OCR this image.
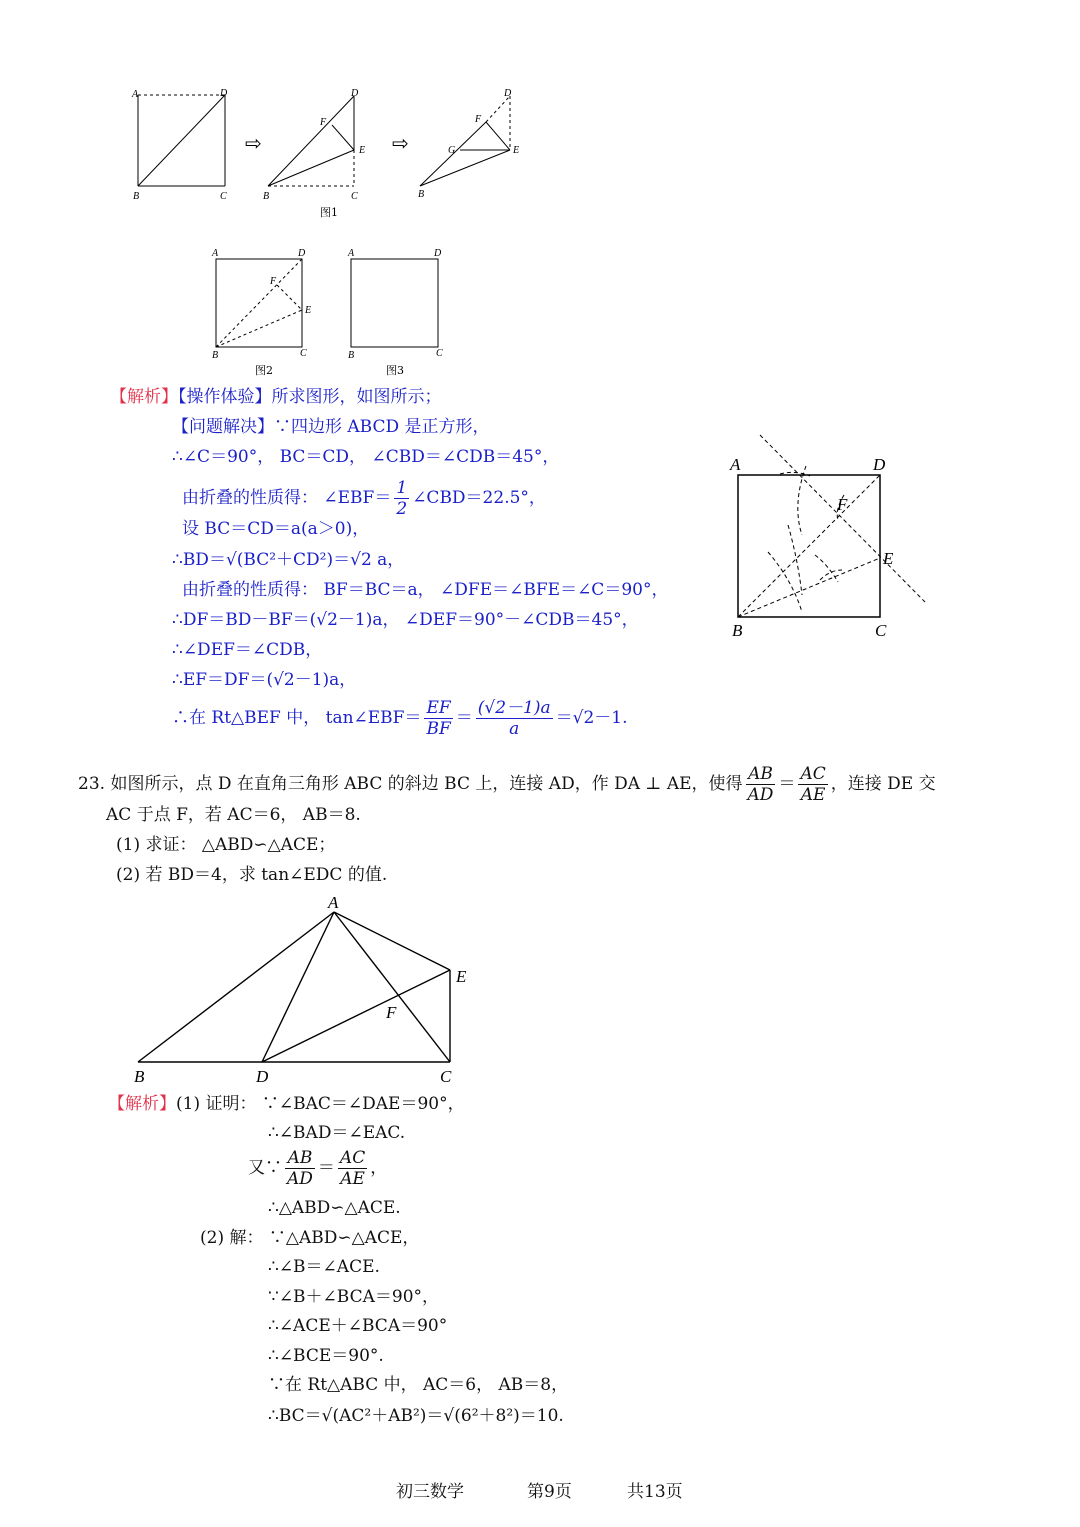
A	D
B	C
⇨
D
F
E
B	C
⇨
D
F
G	E
B
图1
A	D
F
E
B	C
图2
A	D
B	C
图3
【解析】【操作体验】所求图形，如图所示；
【问题解决】∵四边形 ABCD 是正方形，
∴∠C＝90°， BC＝CD， ∠CBD＝∠CDB＝45°，
由折叠的性质得： ∠EBF＝ $\frac{1}{2}$ ∠CBD＝22.5°，
设 BC＝CD＝a(a＞0)，
∴BD＝√(BC²＋CD²)＝√2 a，
由折叠的性质得： BF＝BC＝a， ∠DFE＝∠BFE＝∠C＝90°，
∴DF＝BD－BF＝(√2－1)a， ∠DEF＝90°－∠CDB＝45°，
∴∠DEF＝∠CDB，
∴EF＝DF＝(√2－1)a，
∴在 Rt△BEF 中， tan∠EBF＝ $\frac{EF}{BF} = \frac{(√2-1)a}{a} =√2-1$.
A	D
F
E
B	C
23. 如图所示，点 D 在直角三角形 ABC 的斜边 BC 上，连接 AD，作 DA ⊥ AE，使得 $\frac{AB}{AD} = \frac{AC}{AE}$ ，连接 DE 交
AC 于点 F，若 AC＝6， AB＝8.
(1) 求证： △ABD∽△ACE；
(2) 若 BD＝4，求 tan∠EDC 的值.
A
E
F
B	D	C
【解析】(1) 证明： ∵∠BAC＝∠DAE＝90°，
∴∠BAD＝∠EAC.
又∵ $\frac{AB}{AD} = \frac{AC}{AE}$ ，
∴△ABD∽△ACE.
(2) 解： ∵△ABD∽△ACE，
∴∠B＝∠ACE.
∵∠B＋∠BCA＝90°，
∴∠ACE＋∠BCA＝90°
∴∠BCE＝90°.
∵在 Rt△ABC 中， AC＝6， AB＝8，
∴BC＝√(AC²＋AB²)＝√(6²＋8²)＝10.
初三数学	第9页	共13页
